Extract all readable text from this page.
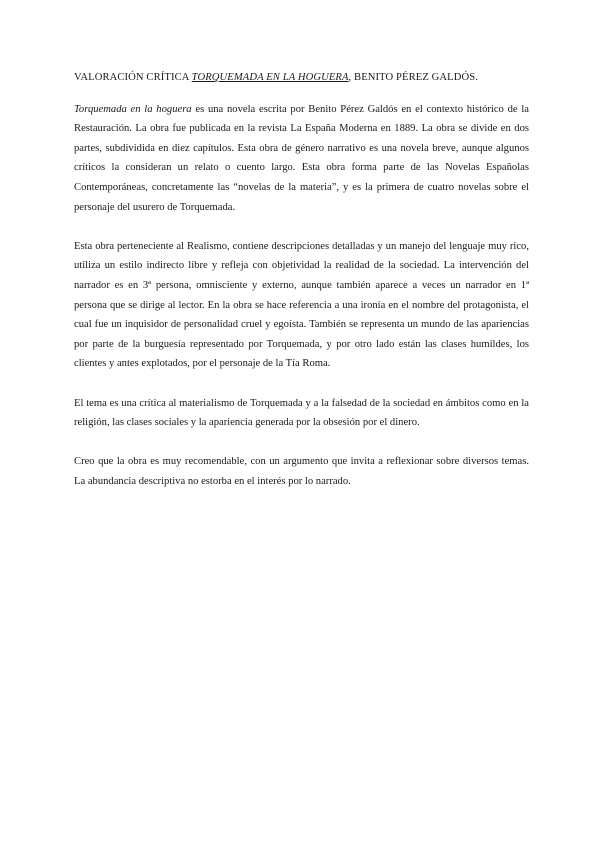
VALORACIÓN CRÍTICA TORQUEMADA EN LA HOGUERA, BENITO PÉREZ GALDÓS.

Torquemada en la hoguera es una novela escrita por Benito Pérez Galdós en el contexto histórico de la Restauración. La obra fue publicada en la revista La España Moderna en 1889. La obra se divide en dos partes, subdividida en diez capítulos. Esta obra de género narrativo es una novela breve, aunque algunos críticos la consideran un relato o cuento largo. Esta obra forma parte de las Novelas Españolas Contemporáneas, concretamente las “novelas de la materia”, y es la primera de cuatro novelas sobre el personaje del usurero de Torquemada.

Esta obra perteneciente al Realismo, contiene descripciones detalladas y un manejo del lenguaje muy rico, utiliza un estilo indirecto libre y refleja con objetividad la realidad de la sociedad. La intervención del narrador es en 3ª persona, omnisciente y externo, aunque también aparece a veces un narrador en 1ª persona que se dirige al lector. En la obra se hace referencia a una ironía en el nombre del protagonista, el cual fue un inquisidor de personalidad cruel y egoísta. También se representa un mundo de las apariencias por parte de la burguesía representado por Torquemada, y por otro lado están las clases humildes, los clientes y antes explotados, por el personaje de la Tía Roma.

El tema es una crítica al materialismo de Torquemada y a la falsedad de la sociedad en ámbitos como en la religión, las clases sociales y la apariencia generada por la obsesión por el dinero.

Creo que la obra es muy recomendable, con un argumento que invita a reflexionar sobre diversos temas. La abundancia descriptiva no estorba en el interés por lo narrado.
